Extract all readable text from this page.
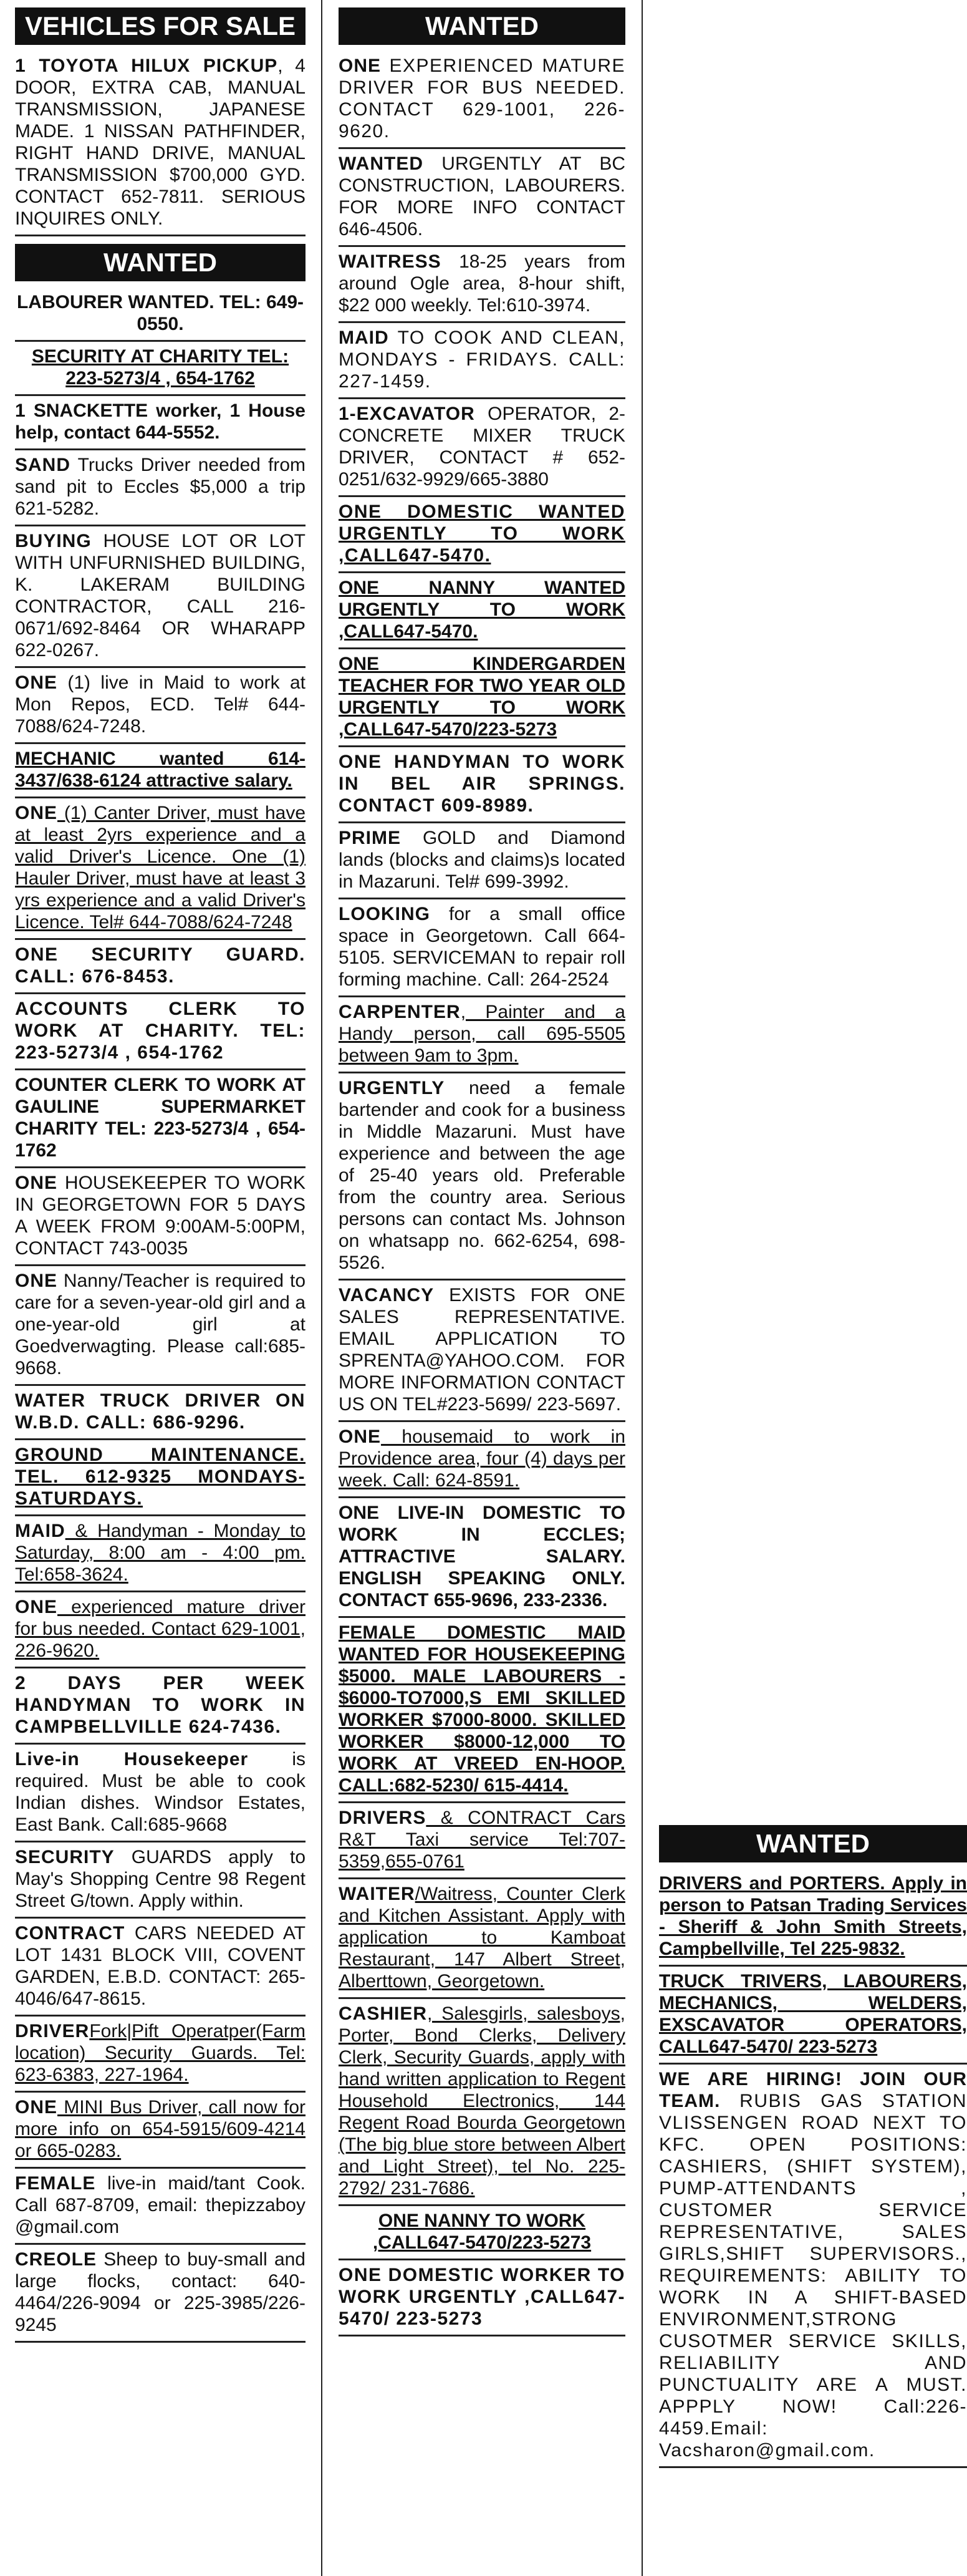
VEHICLES FOR SALE
1 TOYOTA HILUX PICKUP, 4 DOOR, EXTRA CAB, MANUAL TRANSMISSION, JAPANESE MADE. 1 NISSAN PATHFINDER, RIGHT HAND DRIVE, MANUAL TRANSMISSION $700,000 GYD. CONTACT 652-7811. SERIOUS INQUIRES ONLY.
WANTED
LABOURER WANTED. TEL: 649-0550.
SECURITY AT CHARITY TEL: 223-5273/4 , 654-1762
1 SNACKETTE worker, 1 House help, contact 644-5552.
SAND Trucks Driver needed from sand pit to Eccles $5,000 a trip 621-5282.
BUYING HOUSE LOT OR LOT WITH UNFURNISHED BUILDING, K. LAKERAM BUILDING CONTRACTOR, CALL 216-0671/692-8464 OR WHARAPP 622-0267.
ONE (1) live in Maid to work at Mon Repos, ECD. Tel# 644-7088/624-7248.
MECHANIC wanted 614-3437/638-6124 attractive salary.
ONE (1) Canter Driver, must have at least 2yrs experience and a valid Driver's Licence. One (1) Hauler Driver, must have at least 3 yrs experience and a valid Driver's Licence. Tel# 644-7088/624-7248
ONE SECURITY GUARD. CALL: 676-8453.
ACCOUNTS CLERK TO WORK AT CHARITY. TEL: 223-5273/4 , 654-1762
COUNTER CLERK TO WORK AT GAULINE SUPERMARKET CHARITY TEL: 223-5273/4 , 654-1762
ONE HOUSEKEEPER TO WORK IN GEORGETOWN FOR 5 DAYS A WEEK FROM 9:00AM-5:00PM, CONTACT 743-0035
ONE Nanny/Teacher is required to care for a seven-year-old girl and a one-year-old girl at Goedverwagting. Please call:685-9668.
WATER TRUCK DRIVER ON W.B.D. CALL: 686-9296.
GROUND MAINTENANCE. TEL. 612-9325 MONDAYS-SATURDAYS.
MAID & Handyman - Monday to Saturday, 8:00 am - 4:00 pm. Tel:658-3624.
ONE experienced mature driver for bus needed. Contact 629-1001, 226-9620.
2 DAYS PER WEEK HANDYMAN TO WORK IN CAMPBELLVILLE 624-7436.
Live-in Housekeeper is required. Must be able to cook Indian dishes. Windsor Estates, East Bank. Call:685-9668
SECURITY GUARDS apply to May's Shopping Centre 98 Regent Street G/town. Apply within.
CONTRACT CARS NEEDED AT LOT 1431 BLOCK VIII, COVENT GARDEN, E.B.D. CONTACT: 265-4046/647-8615.
DRIVERFork|Pift Operatper(Farm location) Security Guards. Tel: 623-6383, 227-1964.
ONE MINI Bus Driver, call now for more info on 654-5915/609-4214 or 665-0283.
FEMALE live-in maid/tant Cook. Call 687-8709, email: thepizzaboy @gmail.com
CREOLE Sheep to buy-small and large flocks, contact: 640-4464/226-9094 or 225-3985/226-9245
WANTED
ONE EXPERIENCED MATURE DRIVER FOR BUS NEEDED. CONTACT 629-1001, 226-9620.
WANTED URGENTLY AT BC CONSTRUCTION, LABOURERS. FOR MORE INFO CONTACT 646-4506.
WAITRESS 18-25 years from around Ogle area, 8-hour shift, $22 000 weekly. Tel:610-3974.
MAID TO COOK AND CLEAN, MONDAYS - FRIDAYS. CALL: 227-1459.
1-EXCAVATOR OPERATOR, 2- CONCRETE MIXER TRUCK DRIVER, CONTACT # 652-0251/632-9929/665-3880
ONE DOMESTIC WANTED URGENTLY TO WORK ,CALL647-5470.
ONE NANNY WANTED URGENTLY TO WORK ,CALL647-5470.
ONE KINDERGARDEN TEACHER FOR TWO YEAR OLD URGENTLY TO WORK ,CALL647-5470/223-5273
ONE HANDYMAN TO WORK IN BEL AIR SPRINGS. CONTACT 609-8989.
PRIME GOLD and Diamond lands (blocks and claims)s located in Mazaruni. Tel# 699-3992.
LOOKING for a small office space in Georgetown. Call 664-5105. SERVICEMAN to repair roll forming machine. Call: 264-2524
CARPENTER, Painter and a Handy person, call 695-5505 between 9am to 3pm.
URGENTLY need a female bartender and cook for a business in Middle Mazaruni. Must have experience and between the age of 25-40 years old. Preferable from the country area. Serious persons can contact Ms. Johnson on whatsapp no. 662-6254, 698-5526.
VACANCY EXISTS FOR ONE SALES REPRESENTATIVE. EMAIL APPLICATION TO SPRENTA@YAHOO.COM. FOR MORE INFORMATION CONTACT US ON TEL#223-5699/ 223-5697.
ONE housemaid to work in Providence area, four (4) days per week. Call: 624-8591.
ONE LIVE-IN DOMESTIC TO WORK IN ECCLES; ATTRACTIVE SALARY. ENGLISH SPEAKING ONLY. CONTACT 655-9696, 233-2336.
FEMALE DOMESTIC MAID WANTED FOR HOUSEKEEPING $5000. MALE LABOURERS - $6000-TO7000,S EMI SKILLED WORKER $7000-8000. SKILLED WORKER $8000-12,000 TO WORK AT VREED EN-HOOP. CALL:682-5230/ 615-4414.
DRIVERS & CONTRACT Cars R&T Taxi service Tel:707-5359,655-0761
WAITER/Waitress, Counter Clerk and Kitchen Assistant. Apply with application to Kamboat Restaurant, 147 Albert Street, Alberttown, Georgetown.
CASHIER, Salesgirls, salesboys, Porter, Bond Clerks, Delivery Clerk, Security Guards, apply with hand written application to Regent Household Electronics, 144 Regent Road Bourda Georgetown (The big blue store between Albert and Light Street), tel No. 225-2792/ 231-7686.
ONE NANNY TO WORK ,CALL647-5470/223-5273
ONE DOMESTIC WORKER TO WORK URGENTLY ,CALL647-5470/ 223-5273
WANTED
DRIVERS and PORTERS. Apply in person to Patsan Trading Services - Sheriff & John Smith Streets, Campbellville, Tel 225-9832.
TRUCK TRIVERS, LABOURERS, MECHANICS, WELDERS, EXSCAVATOR OPERATORS, CALL647-5470/ 223-5273
WE ARE HIRING! JOIN OUR TEAM. RUBIS GAS STATION VLISSENGEN ROAD NEXT TO KFC. OPEN POSITIONS: CASHIERS, (SHIFT SYSTEM), PUMP-ATTENDANTS , CUSTOMER SERVICE REPRESENTATIVE, SALES GIRLS,SHIFT SUPERVISORS., REQUIREMENTS: ABILITY TO WORK IN A SHIFT-BASED ENVIRONMENT,STRONG CUSOTMER SERVICE SKILLS, RELIABILITY AND PUNCTUALITY ARE A MUST. APPPLY NOW! Call:226-4459.Email: Vacsharon@gmail.com.
